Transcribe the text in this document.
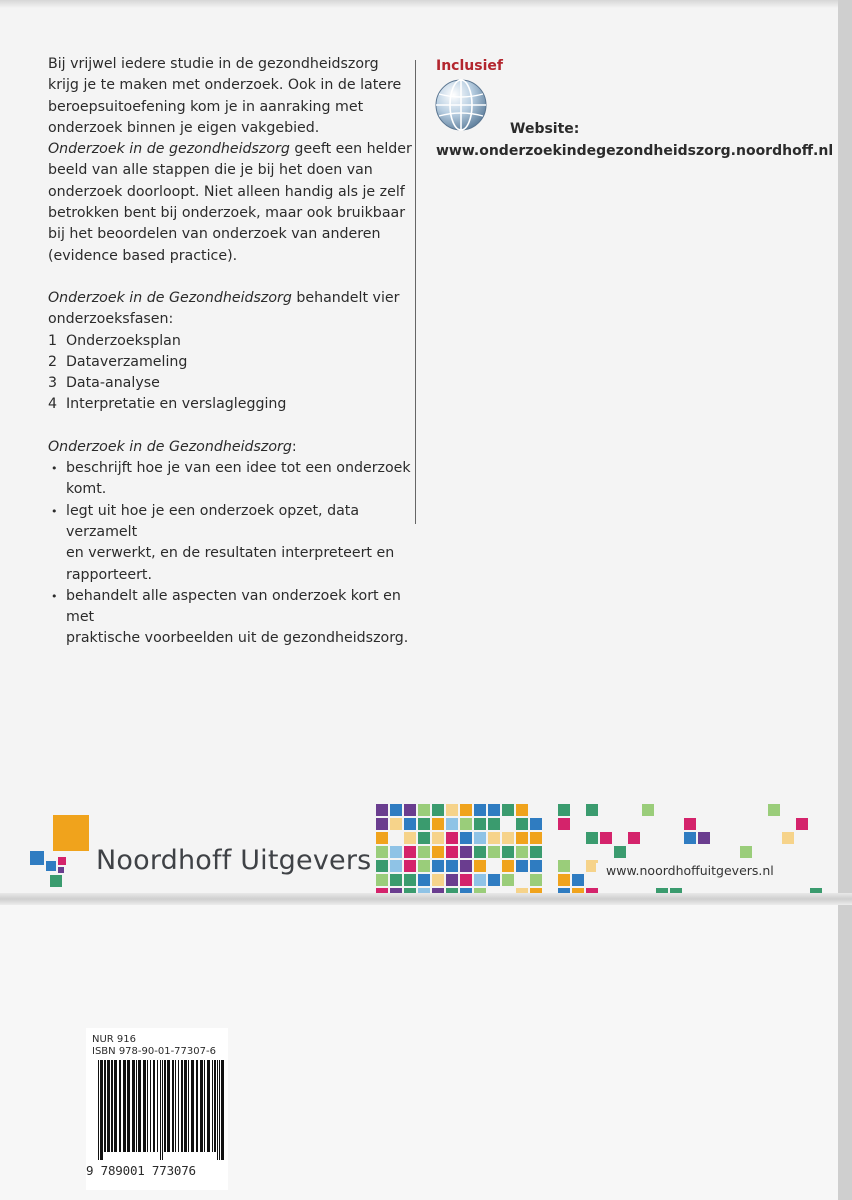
Bij vrijwel iedere studie in de gezondheidszorg

krijg je te maken met onderzoek. Ook in de latere

beroepsuitoefening kom je in aanraking met

onderzoek binnen je eigen vakgebied.

Onderzoek in de gezondheidszorg geeft een helder

beeld van alle stappen die je bij het doen van

onderzoek doorloopt. Niet alleen handig als je zelf

betrokken bent bij onderzoek, maar ook bruikbaar

bij het beoordelen van onderzoek van anderen

(evidence based practice).

Onderzoek in de Gezondheidszorg behandelt vier

onderzoeksfasen:

1 Onderzoeksplan
2 Dataverzameling
3 Data-analyse
4 Interpretatie en verslaglegging

Onderzoek in de Gezondheidszorg:

• beschrijft hoe je van een idee tot een onderzoek
komt.
• legt uit hoe je een onderzoek opzet, data verzamelt
en verwerkt, en de resultaten interpreteert en
rapporteert.
• behandelt alle aspecten van onderzoek kort en met
praktische voorbeelden uit de gezondheidszorg.
Inclusief
Website:
www.onderzoekindegezondheidszorg.noordhoff.nl
Noordhoff Uitgevers	www.noordhoffuitgevers.nl
NUR 916
ISBN 978-90-01-77307-6
9 789001 773076
